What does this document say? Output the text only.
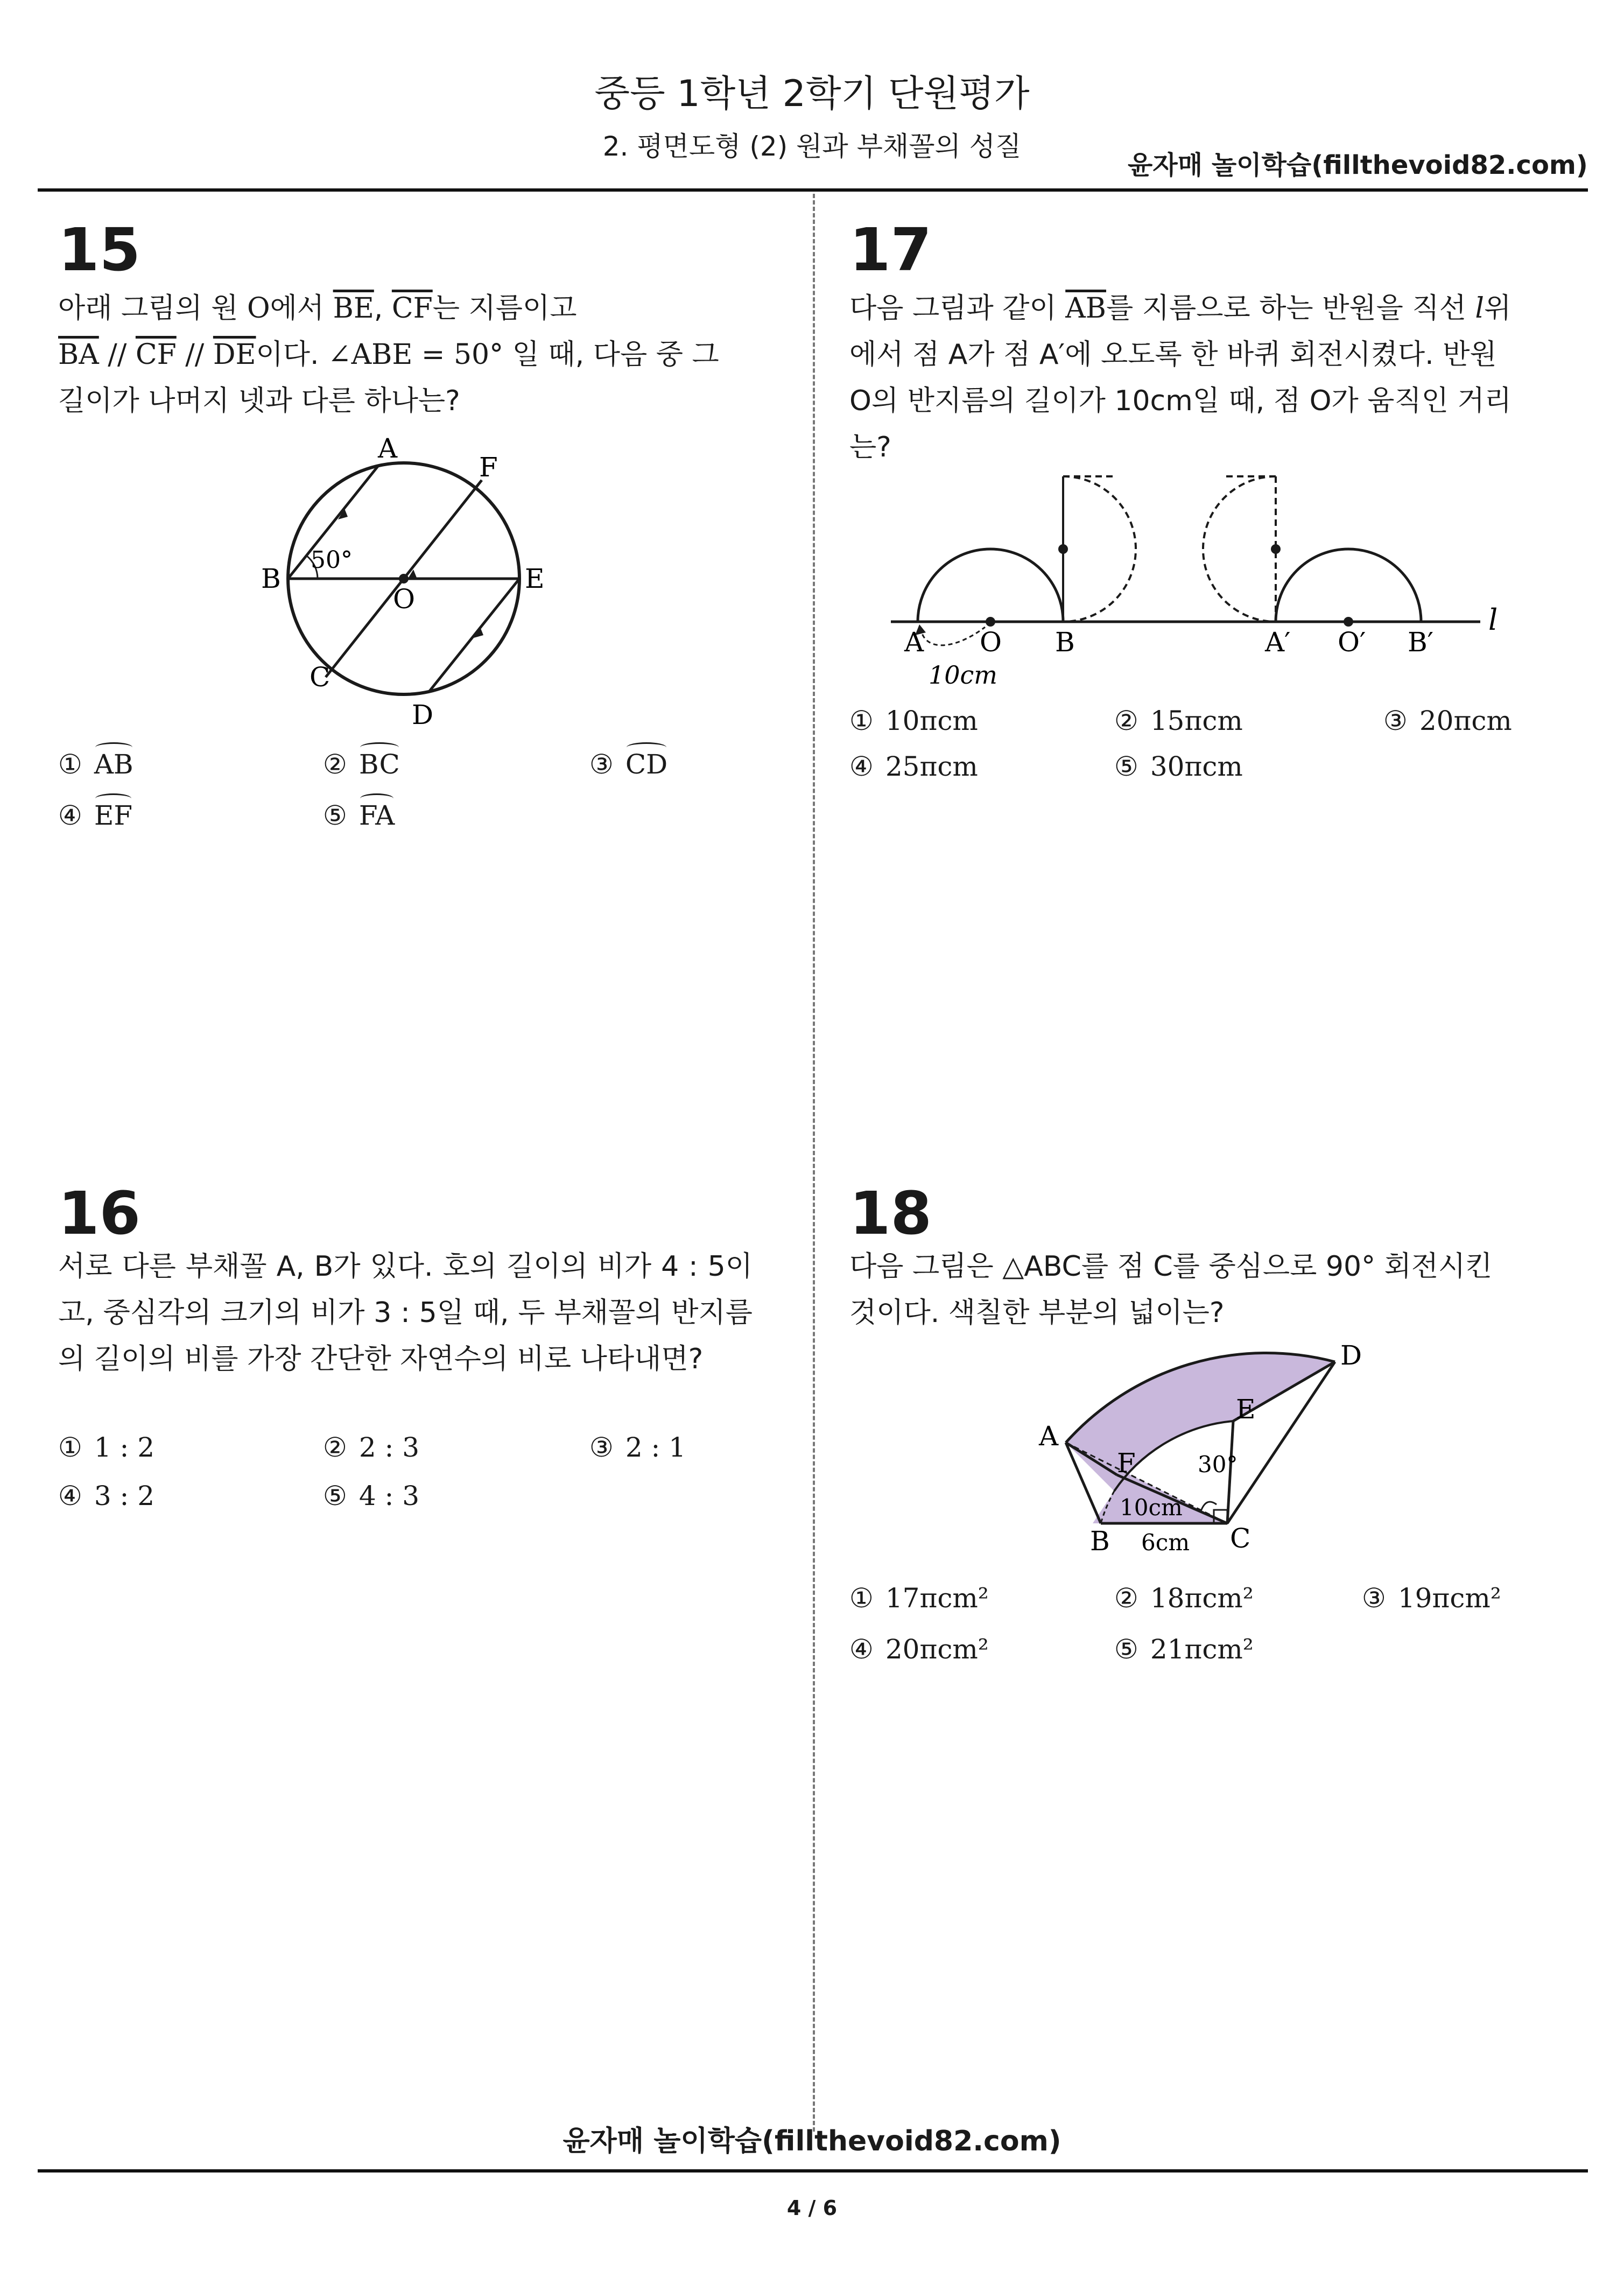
중등 1학년 2학기 단원평가
2. 평면도형 (2) 원과 부채꼴의 성질
윤자매 놀이학습(fillthevoid82.com)
15
아래 그림의 원 O에서 $\overline{BE}$, $\overline{CF}$는 지름이고
$\overline{BA} // \overline{CF} // \overline{DE}$이다. ∠ABE = 50° 일 때, 다음 중 그
길이가 나머지 넷과 다른 하나는?
A
F
B	E
O
C
D
50°
① AB	② BC	③ CD
④ EF	⑤ FA
16
서로 다른 부채꼴 A, B가 있다. 호의 길이의 비가 4 : 5이고, 중심각의 크기의 비가 3 : 5일 때, 두 부채꼴의 반지름의 길이의 비를 가장 간단한 자연수의 비로 나타내면?
① 1 : 2	② 2 : 3	③ 2 : 1
④ 3 : 2	⑤ 4 : 3
17
다음 그림과 같이 $\overline{AB}$를 지름으로 하는 반원을 직선 l위
에서 점 A가 점 A′에 오도록 한 바퀴 회전시켰다. 반원
O의 반지름의 길이가 10cm일 때, 점 O가 움직인 거리
는?
A O B	A′ O′ B′
l
10cm
① 10πcm	② 15πcm	③ 20πcm
④ 25πcm	⑤ 30πcm
18
다음 그림은 △ABC를 점 C를 중심으로 90° 회전시킨
것이다. 색칠한 부분의 넓이는?
A
B	C
D
E
F	30°
10cm
6cm
① 17πcm²	② 18πcm²	③ 19πcm²
④ 20πcm²	⑤ 21πcm²
윤자매 놀이학습(fillthevoid82.com)
4 / 6
